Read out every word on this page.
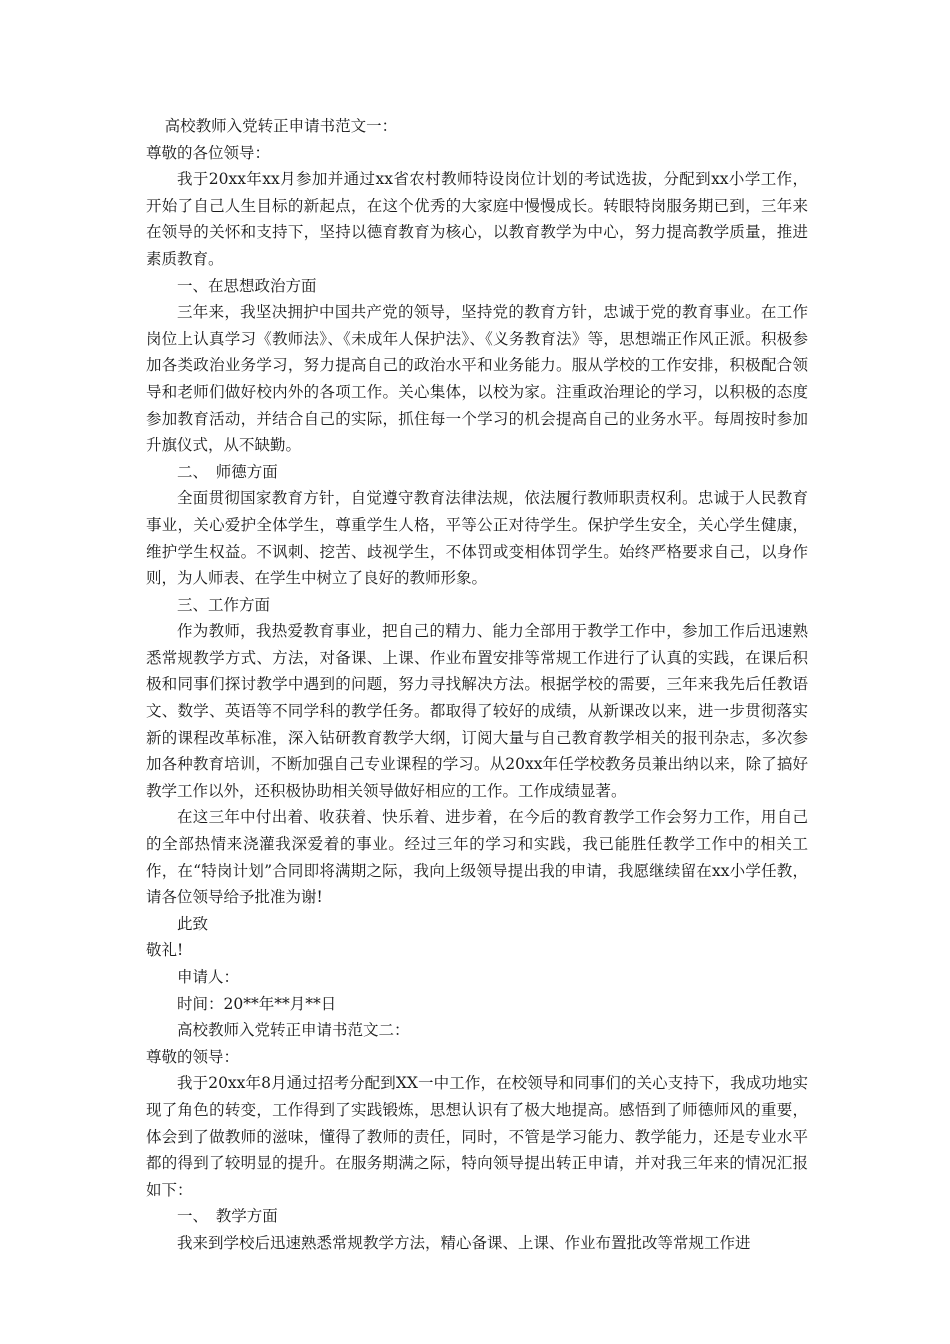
高校教师入党转正申请书范文一：

尊敬的各位领导：

我于20xx年xx月参加并通过xx省农村教师特设岗位计划的考试选拔，分配到xx小学工作，开始了自己人生目标的新起点，在这个优秀的大家庭中慢慢成长。转眼特岗服务期已到，三年来在领导的关怀和支持下，坚持以德育教育为核心，以教育教学为中心，努力提高教学质量，推进素质教育。

一、在思想政治方面

三年来，我坚决拥护中国共产党的领导，坚持党的教育方针，忠诚于党的教育事业。在工作岗位上认真学习《教师法》、《未成年人保护法》、《义务教育法》等，思想端正作风正派。积极参加各类政治业务学习，努力提高自己的政治水平和业务能力。服从学校的工作安排，积极配合领导和老师们做好校内外的各项工作。关心集体，以校为家。注重政治理论的学习，以积极的态度参加教育活动，并结合自己的实际，抓住每一个学习的机会提高自己的业务水平。每周按时参加升旗仪式，从不缺勤。

二、　师德方面

全面贯彻国家教育方针，自觉遵守教育法律法规，依法履行教师职责权利。忠诚于人民教育事业，关心爱护全体学生，尊重学生人格，平等公正对待学生。保护学生安全，关心学生健康，维护学生权益。不讽刺、挖苦、歧视学生，不体罚或变相体罚学生。始终严格要求自己，以身作则，为人师表、在学生中树立了良好的教师形象。

三、工作方面

作为教师，我热爱教育事业，把自己的精力、能力全部用于教学工作中，参加工作后迅速熟悉常规教学方式、方法，对备课、上课、作业布置安排等常规工作进行了认真的实践，在课后积极和同事们探讨教学中遇到的问题，努力寻找解决方法。根据学校的需要，三年来我先后任教语文、数学、英语等不同学科的教学任务。都取得了较好的成绩，从新课改以来，进一步贯彻落实新的课程改革标准，深入钻研教育教学大纲，订阅大量与自己教育教学相关的报刊杂志，多次参加各种教育培训，不断加强自己专业课程的学习。从20xx年任学校教务员兼出纳以来，除了搞好教学工作以外，还积极协助相关领导做好相应的工作。工作成绩显著。

在这三年中付出着、收获着、快乐着、进步着，在今后的教育教学工作会努力工作，用自己的全部热情来浇灌我深爱着的事业。经过三年的学习和实践，我已能胜任教学工作中的相关工作，在“特岗计划”合同即将满期之际，我向上级领导提出我的申请，我愿继续留在xx小学任教，请各位领导给予批准为谢!

此致

敬礼!

申请人：

时间：20**年**月**日

高校教师入党转正申请书范文二：

尊敬的领导：

我于20xx年8月通过招考分配到XX一中工作，在校领导和同事们的关心支持下，我成功地实现了角色的转变，工作得到了实践锻炼，思想认识有了极大地提高。感悟到了师德师风的重要，体会到了做教师的滋味，懂得了教师的责任，同时，不管是学习能力、教学能力，还是专业水平都的得到了较明显的提升。在服务期满之际，特向领导提出转正申请，并对我三年来的情况汇报如下：

一、　教学方面

我来到学校后迅速熟悉常规教学方法，精心备课、上课、作业布置批改等常规工作进
